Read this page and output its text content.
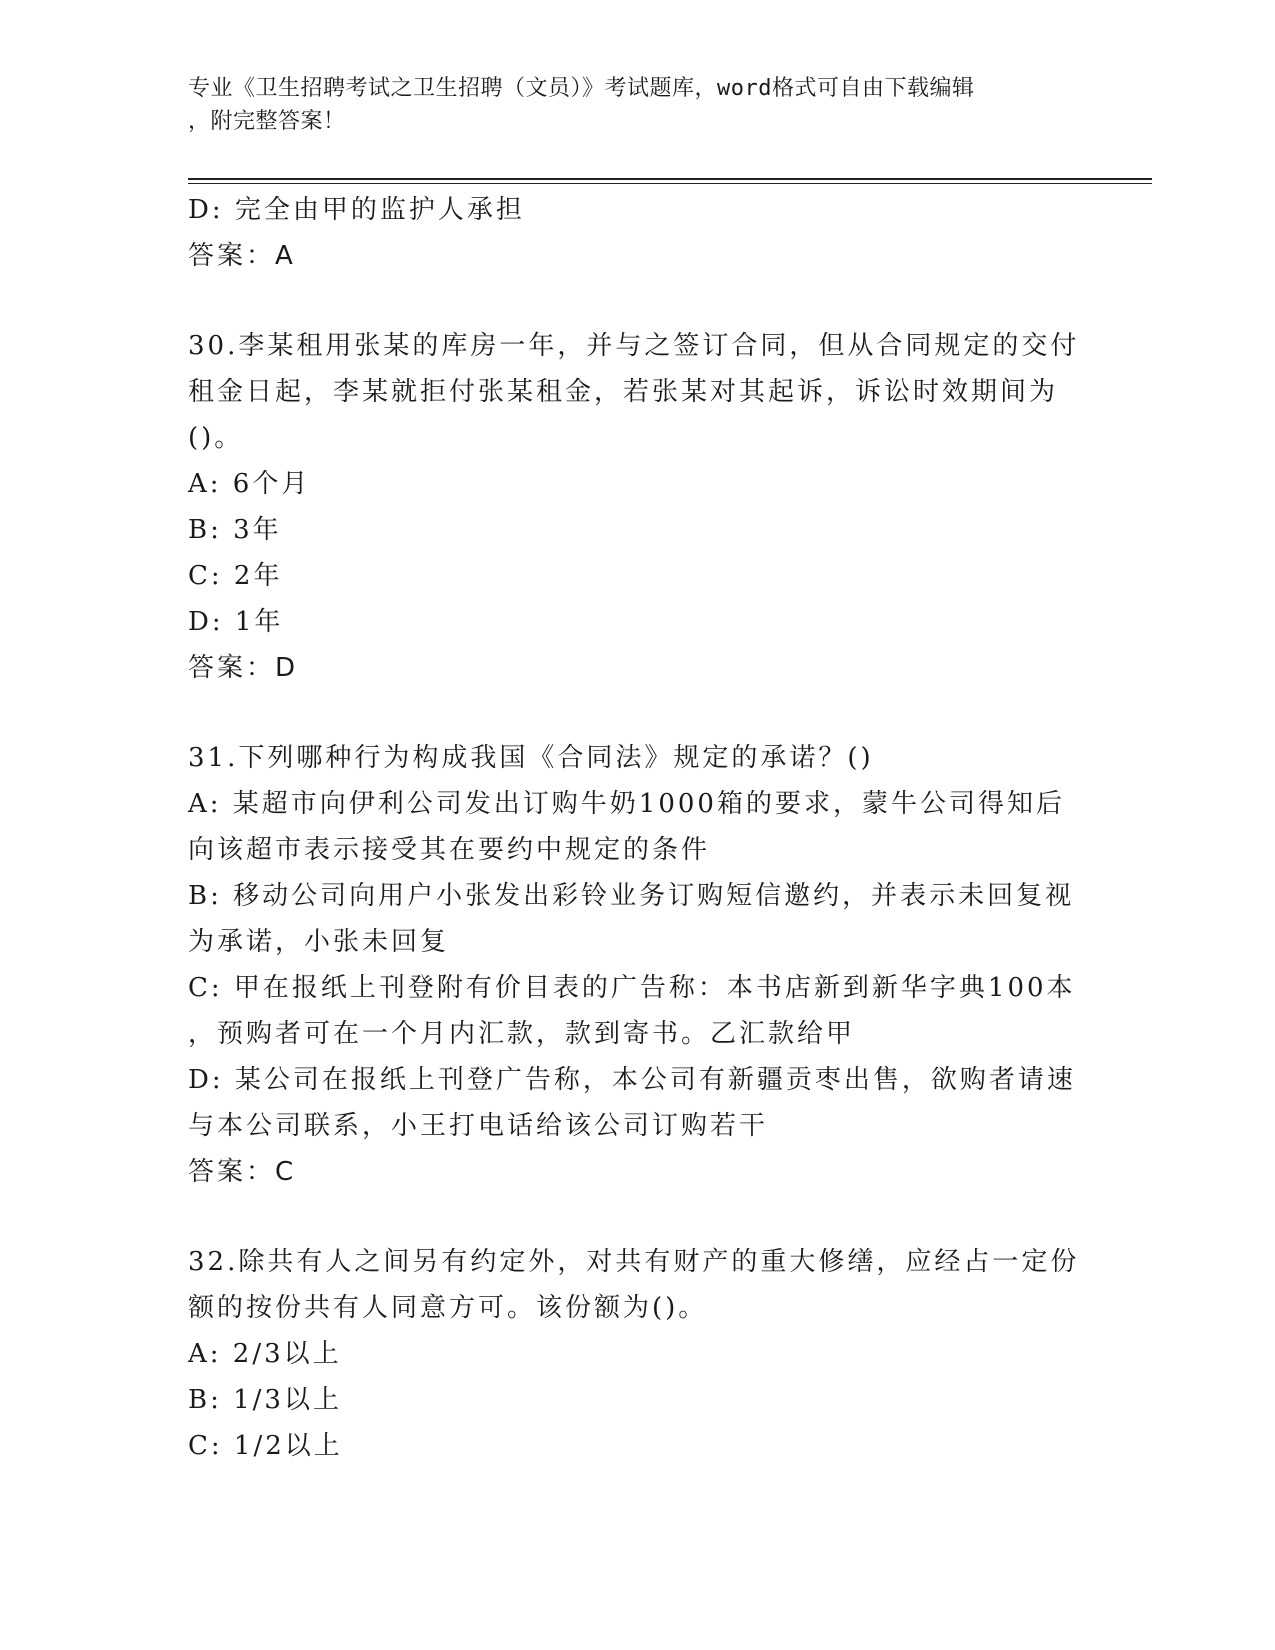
专业《卫生招聘考试之卫生招聘（文员）》考试题库，word格式可自由下载编辑
，附完整答案！
D: 完全由甲的监护人承担
答案：A
30.李某租用张某的库房一年，并与之签订合同，但从合同规定的交付
租金日起，李某就拒付张某租金，若张某对其起诉，诉讼时效期间为
()。
A: 6个月
B: 3年
C: 2年
D: 1年
答案：D
31.下列哪种行为构成我国《合同法》规定的承诺？()
A: 某超市向伊利公司发出订购牛奶1000箱的要求，蒙牛公司得知后
向该超市表示接受其在要约中规定的条件
B: 移动公司向用户小张发出彩铃业务订购短信邀约，并表示未回复视
为承诺，小张未回复
C: 甲在报纸上刊登附有价目表的广告称：本书店新到新华字典100本
，预购者可在一个月内汇款，款到寄书。乙汇款给甲
D: 某公司在报纸上刊登广告称，本公司有新疆贡枣出售，欲购者请速
与本公司联系，小王打电话给该公司订购若干
答案：C
32.除共有人之间另有约定外，对共有财产的重大修缮，应经占一定份
额的按份共有人同意方可。该份额为()。
A: 2/3以上
B: 1/3以上
C: 1/2以上
